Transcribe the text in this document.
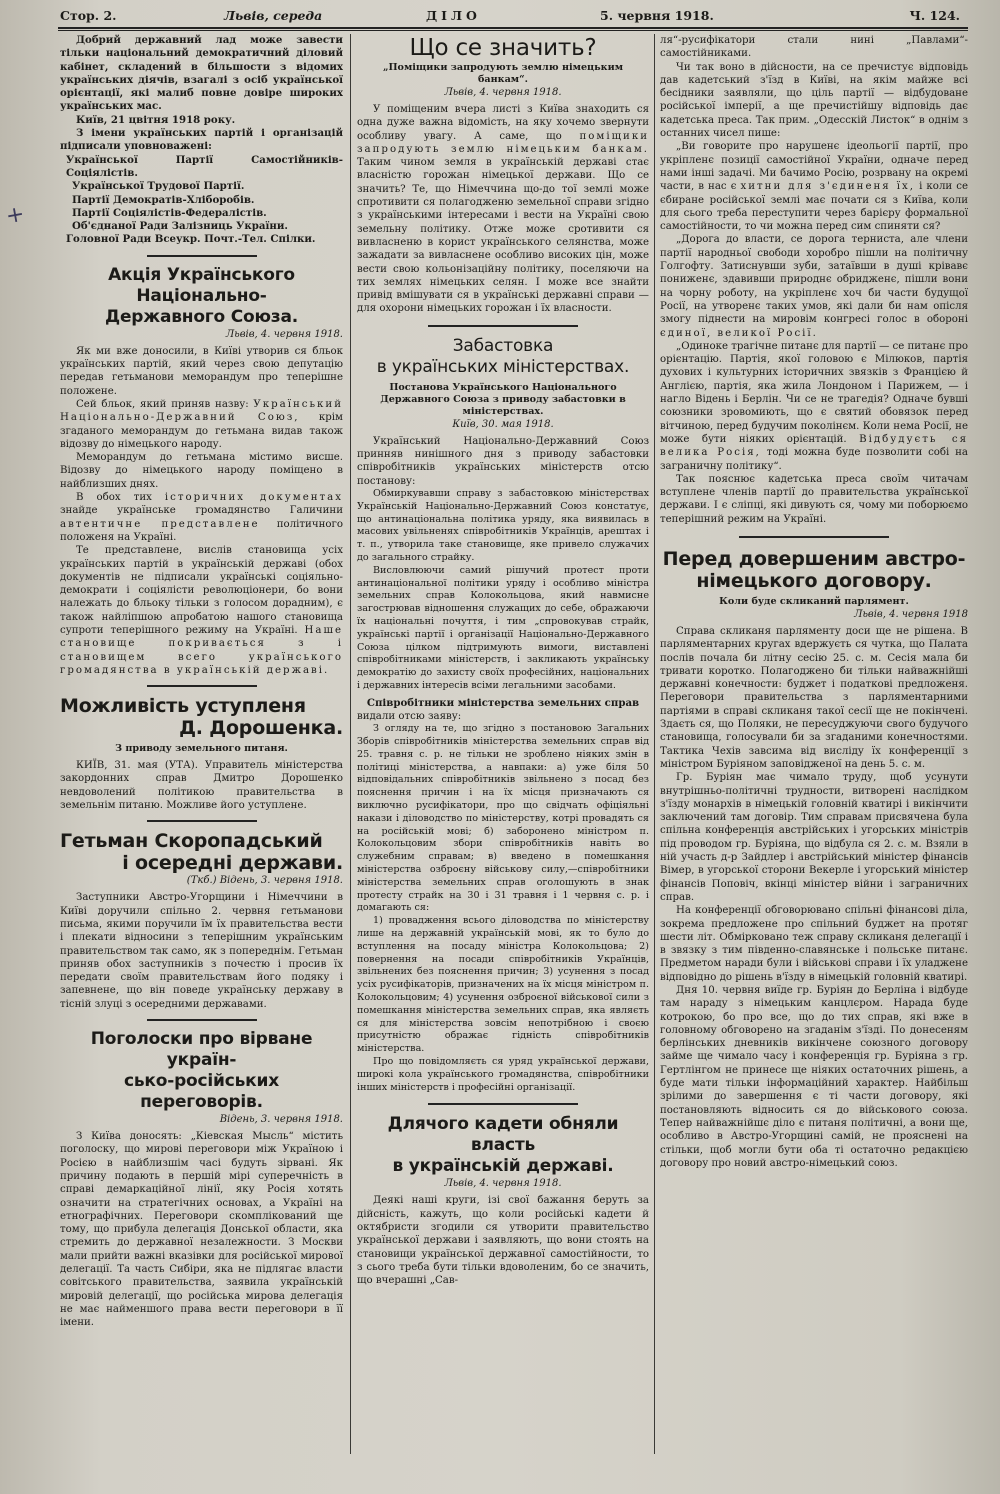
Стор. 2.	Львів, середа	ДІЛО	5. червня 1918.	Ч. 124.
+

Добрий державний лад може завести тільки національний демократичний діловий кабінет, складений в більшости з відомих українських діячів, взагалі з осіб української орієнтації, які малиб повне довіре широких українських мас.

Київ, 21 цвітня 1918 року.

З імени українських партій і організацій підписали уповноважені:

Української Партії Самостійників-Соціялістів.

Української Трудової Партії.

Партії Демократів-Хліборобів.

Партії Соціялістів-Федералістів.

Об'єднаної Ради Залізниць України.

Головної Ради Всеукр. Почт.-Тел. Спілки.

Акція Українського Національно-
Державного Союза.
Львів, 4. червня 1918.

Як ми вже доносили, в Київі утворив ся бльок українських партій, який через свою депутацію передав гетьманови меморандум про теперішне положене.

Сей бльок, який приняв назву: Український Національно-Державний Союз, крім згаданого меморандум до гетьмана видав також відозву до німецького народу.

Меморандум до гетьмана містимо висше. Відозву до німецького народу поміщено в найблизших днях.

В обох тих історичних документах знайде українське громадянство Галичини автентичне представлене політичного положеня на Україні.

Те представлене, вислів становища усіх українських партій в українській державі (обох документів не підписали українські соціяльно-демократи і соціялісти революціонери, бо вони належать до бльоку тільки з голосом дорадним), є також найліпшою апробатою нашого становища супроти теперішного режиму на Україні. Наше становище покривається з і становищем всего українського громадянства в українській державі.

Можливість уступленя
Д. Дорошенка.
З приводу земельного питаня.

КИЇВ, 31. мая (УТА). Управитель міністерства закордонних справ Дмитро Дорошенко невдоволений політикою правительства в земельнім питаню. Можливе його уступлене.

Гетьман Скоропадський
і осередні держави.
(Ткб.) Відень, 3. червня 1918.

Заступники Австро-Угорщини і Німеччини в Київі доручили спільно 2. червня гетьманови письма, якими поручили їм їх правительства вести і плекати відносини з теперішним українським правительством так само, як з попереднім. Гетьман приняв обох заступників з почестю і просив їх передати своїм правительствам його подяку і запевнене, що він поведе українську державу в тісній злуці з осередними державами.

Поголоски про вірване україн-
сько-російських переговорів.
Відень, 3. червня 1918.

З Київа доносять: „Кіевская Мысль“ містить поголоску, що мирові переговори між Україною і Росією в найблизшім часі будуть зірвані. Як причину подають в першій мірі суперечність в справі демаркаційної лінії, яку Росія хотять означити на стратегічних основах, а Україні на етнографічних. Переговори скомплікований ще тому, що прибула делегація Донської области, яка стремить до державної незалежности. З Москви мали прийти важні вказівки для російської мирової делегації. Та часть Сибіри, яка не підлягає власти совітського правительства, заявила українській мировій делегації, що російська мирова делегація не має найменшого права вести переговори в її імени.

Що се значить?
„Поміщики запродують землю німецьким банкам“.
Львів, 4. червня 1918.

У поміщеним вчера листі з Київа знаходить ся одна дуже важна відомість, на яку хочемо звернути особливу увагу. А саме, що поміщики запродують землю німецьким банкам. Таким чином земля в українській державі стає власністю горожан німецької держави. Що се значить? Те, що Німеччина що-до тої землі може спротивити ся полагодженю земельної справи згідно з українськими інтересами і вести на Україні свою земельну політику. Отже може сротивити ся вивласненю в корист українського селянства, може зажадати за вивласнене особливо високих цін, може вести свою кольонізаційну політику, поселяючи на тих землях німецьких селян. І може все знайти привід вмішувати ся в українські державні справи — для охорони німецьких горожан і їх власности.

Забастовка
в українських міністерствах.
Постанова Українського Національного Державного Союза з приводу забастовки в міністерствах.
Київ, 30. мая 1918.

Український Національно-Державний Союз принняв нинішного дня з приводу забастовки співробітників українських міністерств отсю постанову:

Обмиркувавши справу з забастовкою міністерствах Українській Національно-Державний Союз констатує, що антинаціональна політика уряду, яка виявилась в масових увільненях співробітників Українців, арештах і т. п., утворила таке становище, яке привело служачих до загального страйку.

Висловлюючи самий рішучий протест проти антинаціональної політики уряду і особливо міністра земельних справ Колокольцова, який навмисне загострював відношення служащих до себе, ображаючи їх національні почуття, і тим „спровокував страйк, українські партії і організації Національно-Державного Союза цілком підтримують вимоги, виставлені співробітниками міністерств, і закликають українську демократію до захисту своїх професійних, національних і державних інтересів всіми легальними засобами.

Співробітники міністерства земельних справ

видали отсю заяву:

З огляду на те, що згідно з постановою Загальних Зборів співробітників міністерства земельних справ від 25. травня с. р. не тільки не зроблено ніяких змін в політиці міністерства, а навпаки: а) уже біля 50 відповідальних співробітників звільнено з посад без пояснення причин і на їх місця призначають ся виключно русифікатори, про що свідчать офіціяльні накази і діловодство по міністерству, котрі провадять ся на російській мові; б) заборонено міністром п. Колокольцовим збори співробітників навіть во служебним справам; в) введено в помешкання міністерства озброєну військову силу,—співробітники міністерства земельних справ оголошують в знак протесту страйк на 30 і 31 травня і 1 червня с. р. і домагають ся:

1) провадження всього діловодства по міністерству лише на державній українській мові, як то було до вступлення на посаду міністра Колокольцова; 2) повернення на посади співробітників Українців, звільнених без пояснення причин; 3) усунення з посад усіх русифікаторів, призначених на їх місця міністром п. Колокольцовим; 4) усунення озброєної військової сили з помешкання міністерства земельних справ, яка являєть ся для міністерства зовсім непотрібною і своєю присутністю ображає гідність співробітників міністерства.

Про що повідомляєть ся уряд української держави, широкі кола українського громадянства, співробітники інших міністерств і професійні організації.

Длячого кадети обняли власть
в українській державі.
Львів, 4. червня 1918.

Деякі наші круги, ізі свої бажання беруть за дійсність, кажуть, що коли російські кадети й октябристи згодили ся утворити правительство української держави і заявляють, що вони стоять на становищи української державної самостійности, то з сього треба бути тільки вдоволеним, бо се значить, що вчерашні „Сав-

ля“-русифікатори стали нині „Павлами“-самостійниками.

Чи так воно в дійсности, на се пречистує відповідь дав кадетський з'їзд в Київі, на якім майже всі бесідники заявляли, що ціль партії — відбудоване російської імперії, а ще пречистійшу відповідь дає кадетська преса. Так прим. „Одесскій Листок“ в однім з останних чисел пише:

„Ви говорите про нарушенє ідеольогії партії, про укріпленє позиції самостійної України, одначе перед нами інші задачі. Ми бачимо Росію, розрвану на окремі части, в нас є хитни для з'єдиненя їх, і коли се єбиране російської землі має почати ся з Київа, коли для сього треба переступити через барієру формальної самостійности, то чи можна перед сим спиняти ся?

„Дорога до власти, се дорога терниста, але члени партії народньої свободи хоробро пішли на політичну Голгофту. Затиснувши зуби, затаївши в душі крівавє пониженє, здавивши природнє обридженє, пішли вони на чорну роботу, на укріпленє хоч би части будущої Росії, на утворенє таких умов, які дали би нам опісля змогу піднести на мировім конгресі голос в обороні єдиної, великої Росії.

„Одиноке трагічне питанє для партії — се питанє про орієнтацію. Партія, якої головою є Мілюков, партія духових і культурних історичних звязків з Францією й Англією, партія, яка жила Лондоном і Парижем, — і нагло Відень і Берлін. Чи се не трагедія? Одначе бувші союзники зровомиють, що є святий обовязок перед вітчиною, перед будучим поколінєм. Коли нема Росії, не може бути ніяких орієнтацій. Відбудуєть ся велика Росія, тоді можна буде позволити собі на заграничну політику“.

Так пояснює кадетська преса своїм читачам вступлене членів партії до правительства української держави. І є сліпці, які дивують ся, чому ми поборюємо теперішний режим на Україні.

Перед довершеним австро-
німецького договору.
Коли буде скликаний парлямент.
Львів, 4. червня 1918

Справа скликаня парляменту доси ще не рішена. В парляментарних кругах вдержуєть ся чутка, що Палата послів почала би літну сесію 25. с. м. Сесія мала би тривати коротко. Полагоджено би тільки найважнійші державні конечности: буджет і податкові предложеня. Переговори правительства з парляментарними партіями в справі скликаня такої сесії ще не покінчені. Здаєть ся, що Поляки, не пересуджуючи свого будучого становища, голосували би за згаданими конечностями. Тактика Чехів завсима від висліду їх конференції з міністром Буріяном заповідженої на день 5. с. м.

Гр. Буріян має чимало труду, щоб усунути внутрішньо-політичні трудности, витворені наслідком з'їзду монархів в німецькій головній кватирі і викінчити заключений там договір. Тим справам присвячена була спільна конференція австрійських і угорських міністрів під проводом гр. Буріяна, що відбула ся 2. с. м. Взяли в ній участь д-р Зайдлер і австрійський міністер фінансів Вімер, в угорської сторони Векерле і угорський міністер фінансів Поповіч, вкінці міністер війни і заграничних справ.

На конференції обговорювано спільні фінансові діла, зокрема предложене про спільний буджет на протяг шести літ. Обмірковано теж справу скликаня делегації і в звязку з тим південно-славянське і польське питанє. Предметом наради були і військові справи і їх уладжене відповідно до рішень в'їзду в німецькій головній кватирі.

Дня 10. червня виїде гр. Буріян до Берліна і відбуде там нараду з німецьким канцлєром. Нарада буде котрокою, бо про все, що до тих справ, які вже в головному обговорено на згаданім з'їзді. По донесеням берлінських дневників викінчене союзного договору займе ще чимало часу і конференція гр. Буріяна з гр. Гертлінгом не принесе ще ніяких остаточних рішень, а буде мати тільки інформаційний характер. Найбільш зрілими до завершення є ті части договору, які постановляють відносить ся до військового союза. Тепер найважнійшє діло є питаня політичні, а вони ще, особливо в Австро-Угорщині самій, не прояснені на стільки, щоб могли бути оба ті остаточно редакцією договору про новий австро-німецький союз.
